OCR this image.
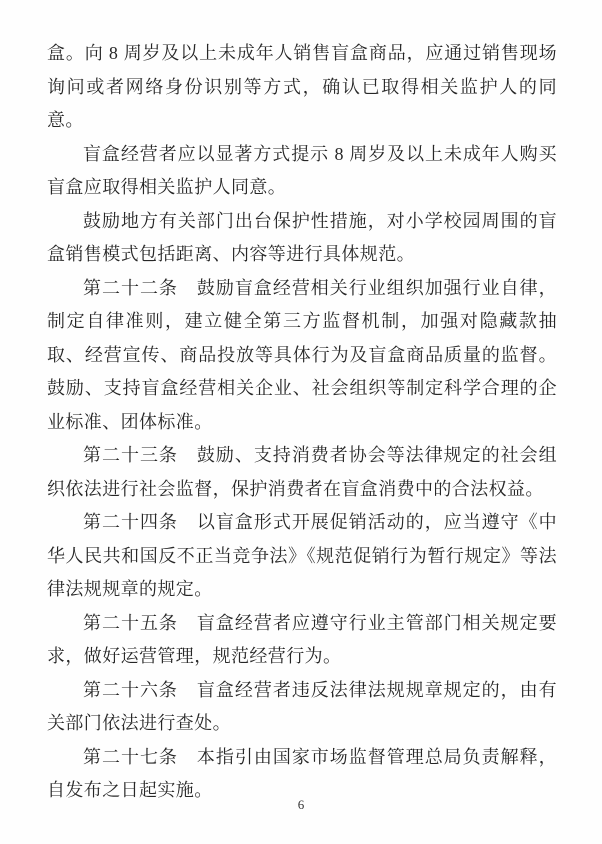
盒。向 8 周岁及以上未成年人销售盲盒商品，应通过销售现场询问或者网络身份识别等方式，确认已取得相关监护人的同意。

盲盒经营者应以显著方式提示 8 周岁及以上未成年人购买盲盒应取得相关监护人同意。

鼓励地方有关部门出台保护性措施，对小学校园周围的盲盒销售模式包括距离、内容等进行具体规范。

第二十二条　鼓励盲盒经营相关行业组织加强行业自律，制定自律准则，建立健全第三方监督机制，加强对隐藏款抽取、经营宣传、商品投放等具体行为及盲盒商品质量的监督。鼓励、支持盲盒经营相关企业、社会组织等制定科学合理的企业标准、团体标准。

第二十三条　鼓励、支持消费者协会等法律规定的社会组织依法进行社会监督，保护消费者在盲盒消费中的合法权益。

第二十四条　以盲盒形式开展促销活动的，应当遵守《中华人民共和国反不正当竞争法》《规范促销行为暂行规定》等法律法规规章的规定。

第二十五条　盲盒经营者应遵守行业主管部门相关规定要求，做好运营管理，规范经营行为。

第二十六条　盲盒经营者违反法律法规规章规定的，由有关部门依法进行查处。

第二十七条　本指引由国家市场监督管理总局负责解释，自发布之日起实施。

6
